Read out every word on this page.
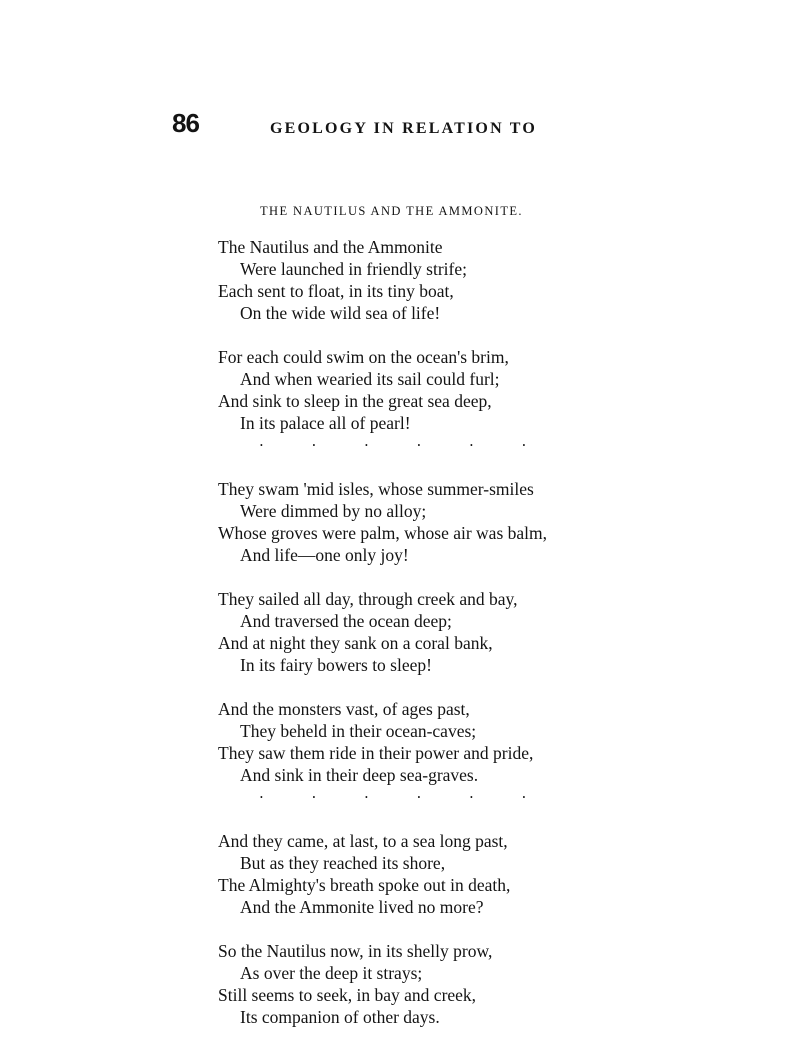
86	GEOLOGY IN RELATION TO
THE NAUTILUS AND THE AMMONITE.
The Nautilus and the Ammonite
Were launched in friendly strife;
Each sent to float, in its tiny boat,
On the wide wild sea of life!
For each could swim on the ocean's brim,
And when wearied its sail could furl;
And sink to sleep in the great sea deep,
In its palace all of pearl!
•
•
•
•
•
•
They swam 'mid isles, whose summer-smiles
Were dimmed by no alloy;
Whose groves were palm, whose air was balm,
And life—one only joy!
They sailed all day, through creek and bay,
And traversed the ocean deep;
And at night they sank on a coral bank,
In its fairy bowers to sleep!
And the monsters vast, of ages past,
They beheld in their ocean-caves;
They saw them ride in their power and pride,
And sink in their deep sea-graves.
•
•
•
•
•
•
And they came, at last, to a sea long past,
But as they reached its shore,
The Almighty's breath spoke out in death,
And the Ammonite lived no more?
So the Nautilus now, in its shelly prow,
As over the deep it strays;
Still seems to seek, in bay and creek,
Its companion of other days.
